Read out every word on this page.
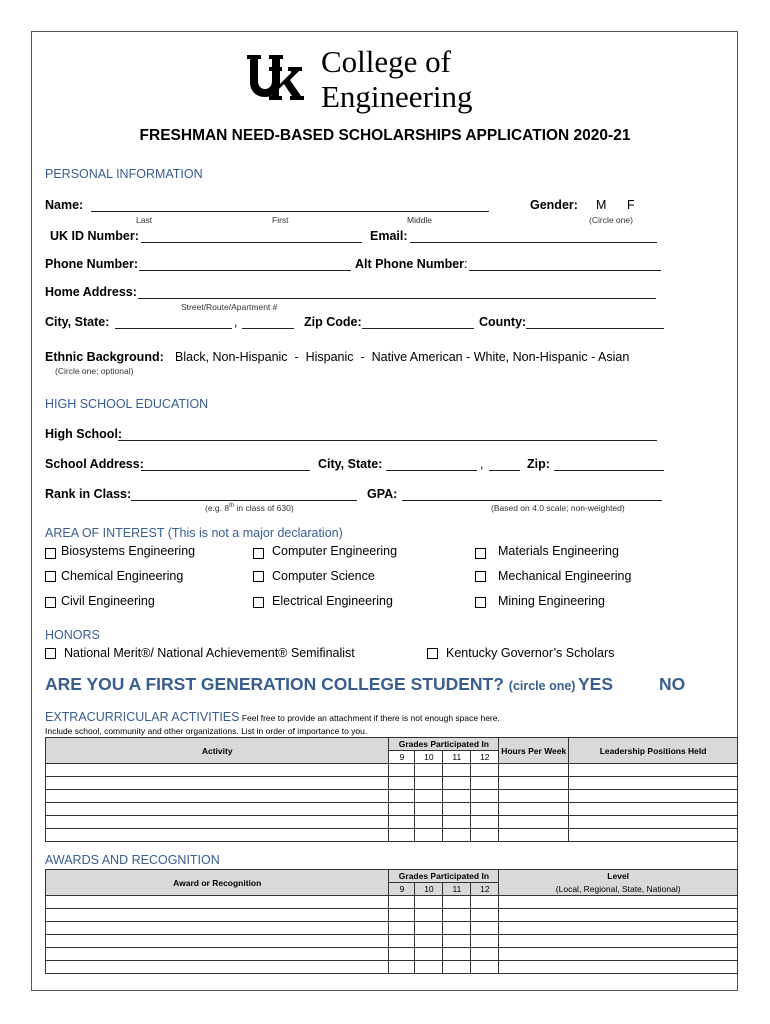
College of
Engineering
FRESHMAN NEED-BASED SCHOLARSHIPS APPLICATION 2020-21
PERSONAL INFORMATION
Name:
Last	First	Middle
Gender: M F
(Circle one)
UK ID Number:	Email:
Phone Number:	Alt Phone Number:
Home Address:
Street/Route/Apartment #
City, State:	,	Zip Code:	County:
Ethnic Background: Black, Non-Hispanic  -  Hispanic  -  Native American - White, Non-Hispanic - Asian
(Circle one; optional)
HIGH SCHOOL EDUCATION
High School:
School Address:	City, State:	,	Zip:
Rank in Class:
(e.g. 8th in class of 630)
GPA:
(Based on 4.0 scale; non-weighted)
AREA OF INTEREST (This is not a major declaration)
Biosystems Engineering	Computer Engineering	Materials Engineering
Chemical Engineering	Computer Science	Mechanical Engineering
Civil Engineering	Electrical Engineering	Mining Engineering
HONORS
National Merit®/ National Achievement® Semifinalist	Kentucky Governor’s Scholars
ARE YOU A FIRST GENERATION COLLEGE STUDENT? (circle one) YES	NO
EXTRACURRICULAR ACTIVITIES Feel free to provide an attachment if there is not enough space here.
Include school, community and other organizations. List in order of importance to you.
Activity	Grades Participated In				Hours Per Week	Leadership Positions Held
	9	10	11	12		

AWARDS AND RECOGNITION
Award or Recognition	Grades Participated In				Level
	9	10	11	12	(Local, Regional, State, National)
